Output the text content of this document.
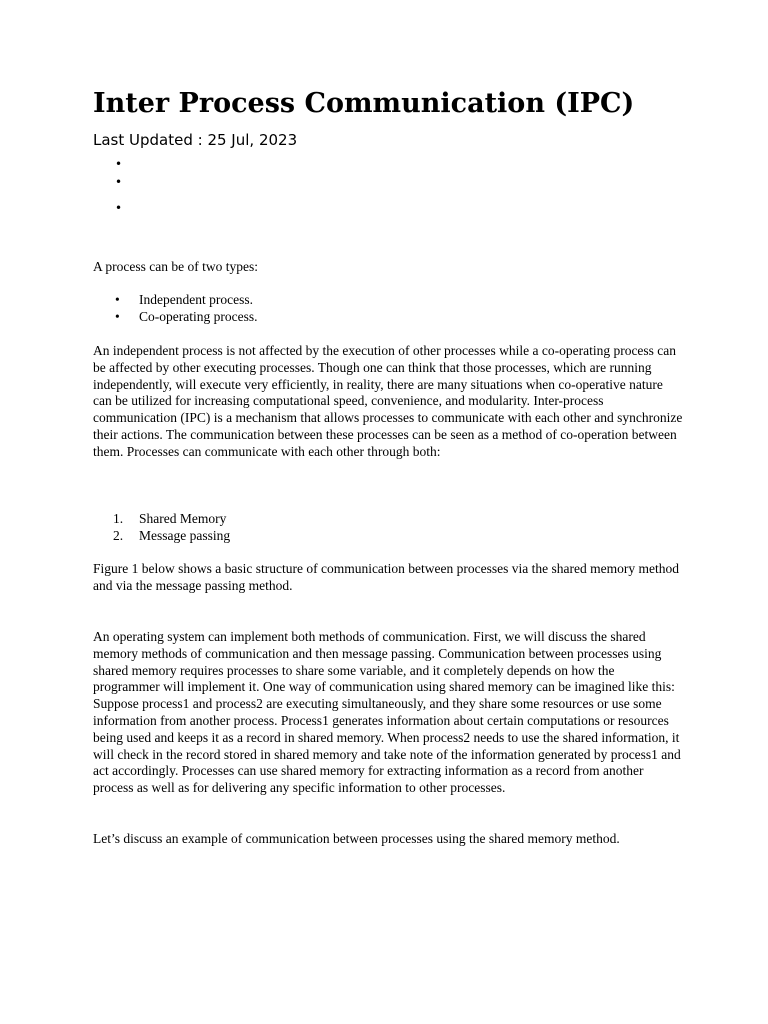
Inter Process Communication (IPC)
Last Updated : 25 Jul, 2023
•
•
•

A process can be of two types:

• Independent process.
• Co-operating process.

An independent process is not affected by the execution of other processes while a co-operating process can be affected by other executing processes. Though one can think that those processes, which are running independently, will execute very efficiently, in reality, there are many situations when co-operative nature can be utilized for increasing computational speed, convenience, and modularity. Inter-process communication (IPC) is a mechanism that allows processes to communicate with each other and synchronize their actions. The communication between these processes can be seen as a method of co-operation between them. Processes can communicate with each other through both:

1. Shared Memory
2. Message passing

Figure 1 below shows a basic structure of communication between processes via the shared memory method and via the message passing method.

An operating system can implement both methods of communication. First, we will discuss the shared memory methods of communication and then message passing. Communication between processes using shared memory requires processes to share some variable, and it completely depends on how the programmer will implement it. One way of communication using shared memory can be imagined like this: Suppose process1 and process2 are executing simultaneously, and they share some resources or use some information from another process. Process1 generates information about certain computations or resources being used and keeps it as a record in shared memory. When process2 needs to use the shared information, it will check in the record stored in shared memory and take note of the information generated by process1 and act accordingly. Processes can use shared memory for extracting information as a record from another process as well as for delivering any specific information to other processes.

Let’s discuss an example of communication between processes using the shared memory method.
